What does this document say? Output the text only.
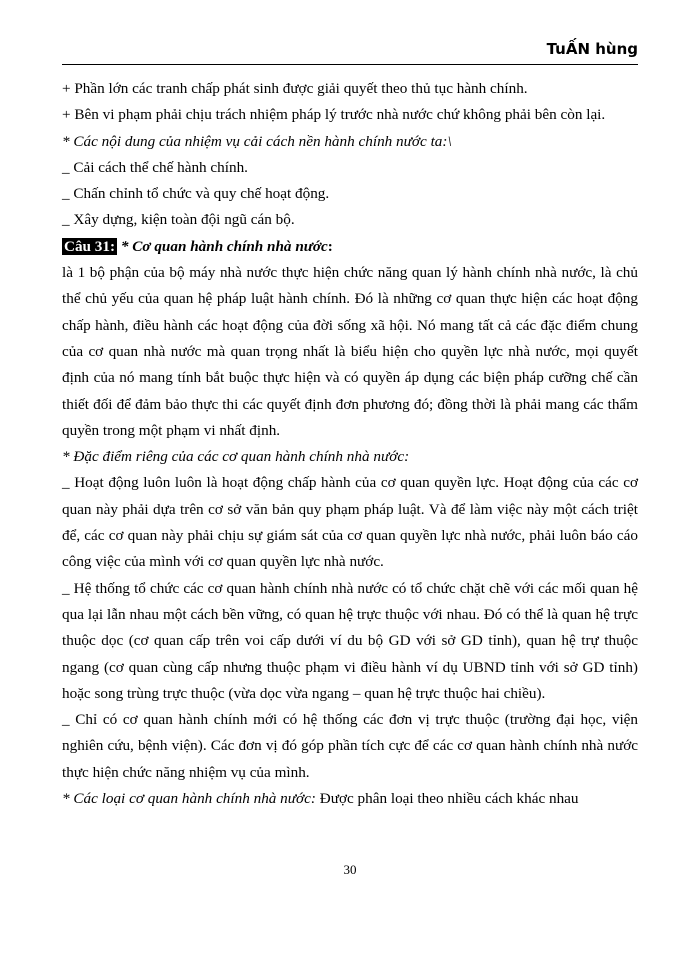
TuẤN hùng

+ Phần lớn các tranh chấp phát sinh được giải quyết theo thủ tục hành chính.

+ Bên vi phạm phải chịu trách nhiệm pháp lý trước nhà nước chứ không phải bên còn lại.

* Các nội dung của nhiệm vụ cải cách nền hành chính nước ta:\

_ Cải cách thể chế hành chính.

_ Chấn chỉnh tổ chức và quy chế hoạt động.

_ Xây dựng, kiện toàn đội ngũ cán bộ.

Câu 31: * Cơ quan hành chính nhà nước:

là 1 bộ phận của bộ máy nhà nước thực hiện chức năng quan lý hành chính nhà nước, là chủ thể chủ yếu của quan hệ pháp luật hành chính. Đó là những cơ quan thực hiện các hoạt động chấp hành, điều hành các hoạt động của đời sống xã hội. Nó mang tất cả các đặc điểm chung của cơ quan nhà nước mà quan trọng nhất là biểu hiện cho quyền lực nhà nước, mọi quyết định của nó mang tính bắt buộc thực hiện và có quyền áp dụng các biện pháp cưỡng chế cần thiết đối để đảm bảo thực thi các quyết định đơn phương đó; đồng thời là phải mang các thẩm quyền trong một phạm vi nhất định.

* Đặc điểm riêng của các cơ quan hành chính nhà nước:

_ Hoạt động luôn luôn là hoạt động chấp hành của cơ quan quyền lực. Hoạt động của các cơ quan này phải dựa trên cơ sở văn bản quy phạm pháp luật. Và để làm việc này một cách triệt để, các cơ quan này phải chịu sự giám sát của cơ quan quyền lực nhà nước, phải luôn báo cáo công việc của mình với cơ quan quyền lực nhà nước.

_ Hệ thống tổ chức các cơ quan hành chính nhà nước có tổ chức chặt chẽ với các mối quan hệ qua lại lẫn nhau một cách bền vững, có quan hệ trực thuộc với nhau. Đó có thể là quan hệ trực thuộc dọc (cơ quan cấp trên voi cấp dưới ví du bộ GD với sở GD tỉnh), quan hệ trự thuộc ngang (cơ quan cùng cấp nhưng thuộc phạm vi điều hành ví dụ UBND tỉnh với sở GD tỉnh) hoặc song trùng trực thuộc (vừa dọc vừa ngang – quan hệ trực thuộc hai chiều).

_ Chỉ có cơ quan hành chính mới có hệ thống các đơn vị trực thuộc (trường đại học, viện nghiên cứu, bệnh viện). Các đơn vị đó góp phần tích cực để các cơ quan hành chính nhà nước thực hiện chức năng nhiệm vụ của mình.

* Các loại cơ quan hành chính nhà nước: Được phân loại theo nhiều cách khác nhau

30
